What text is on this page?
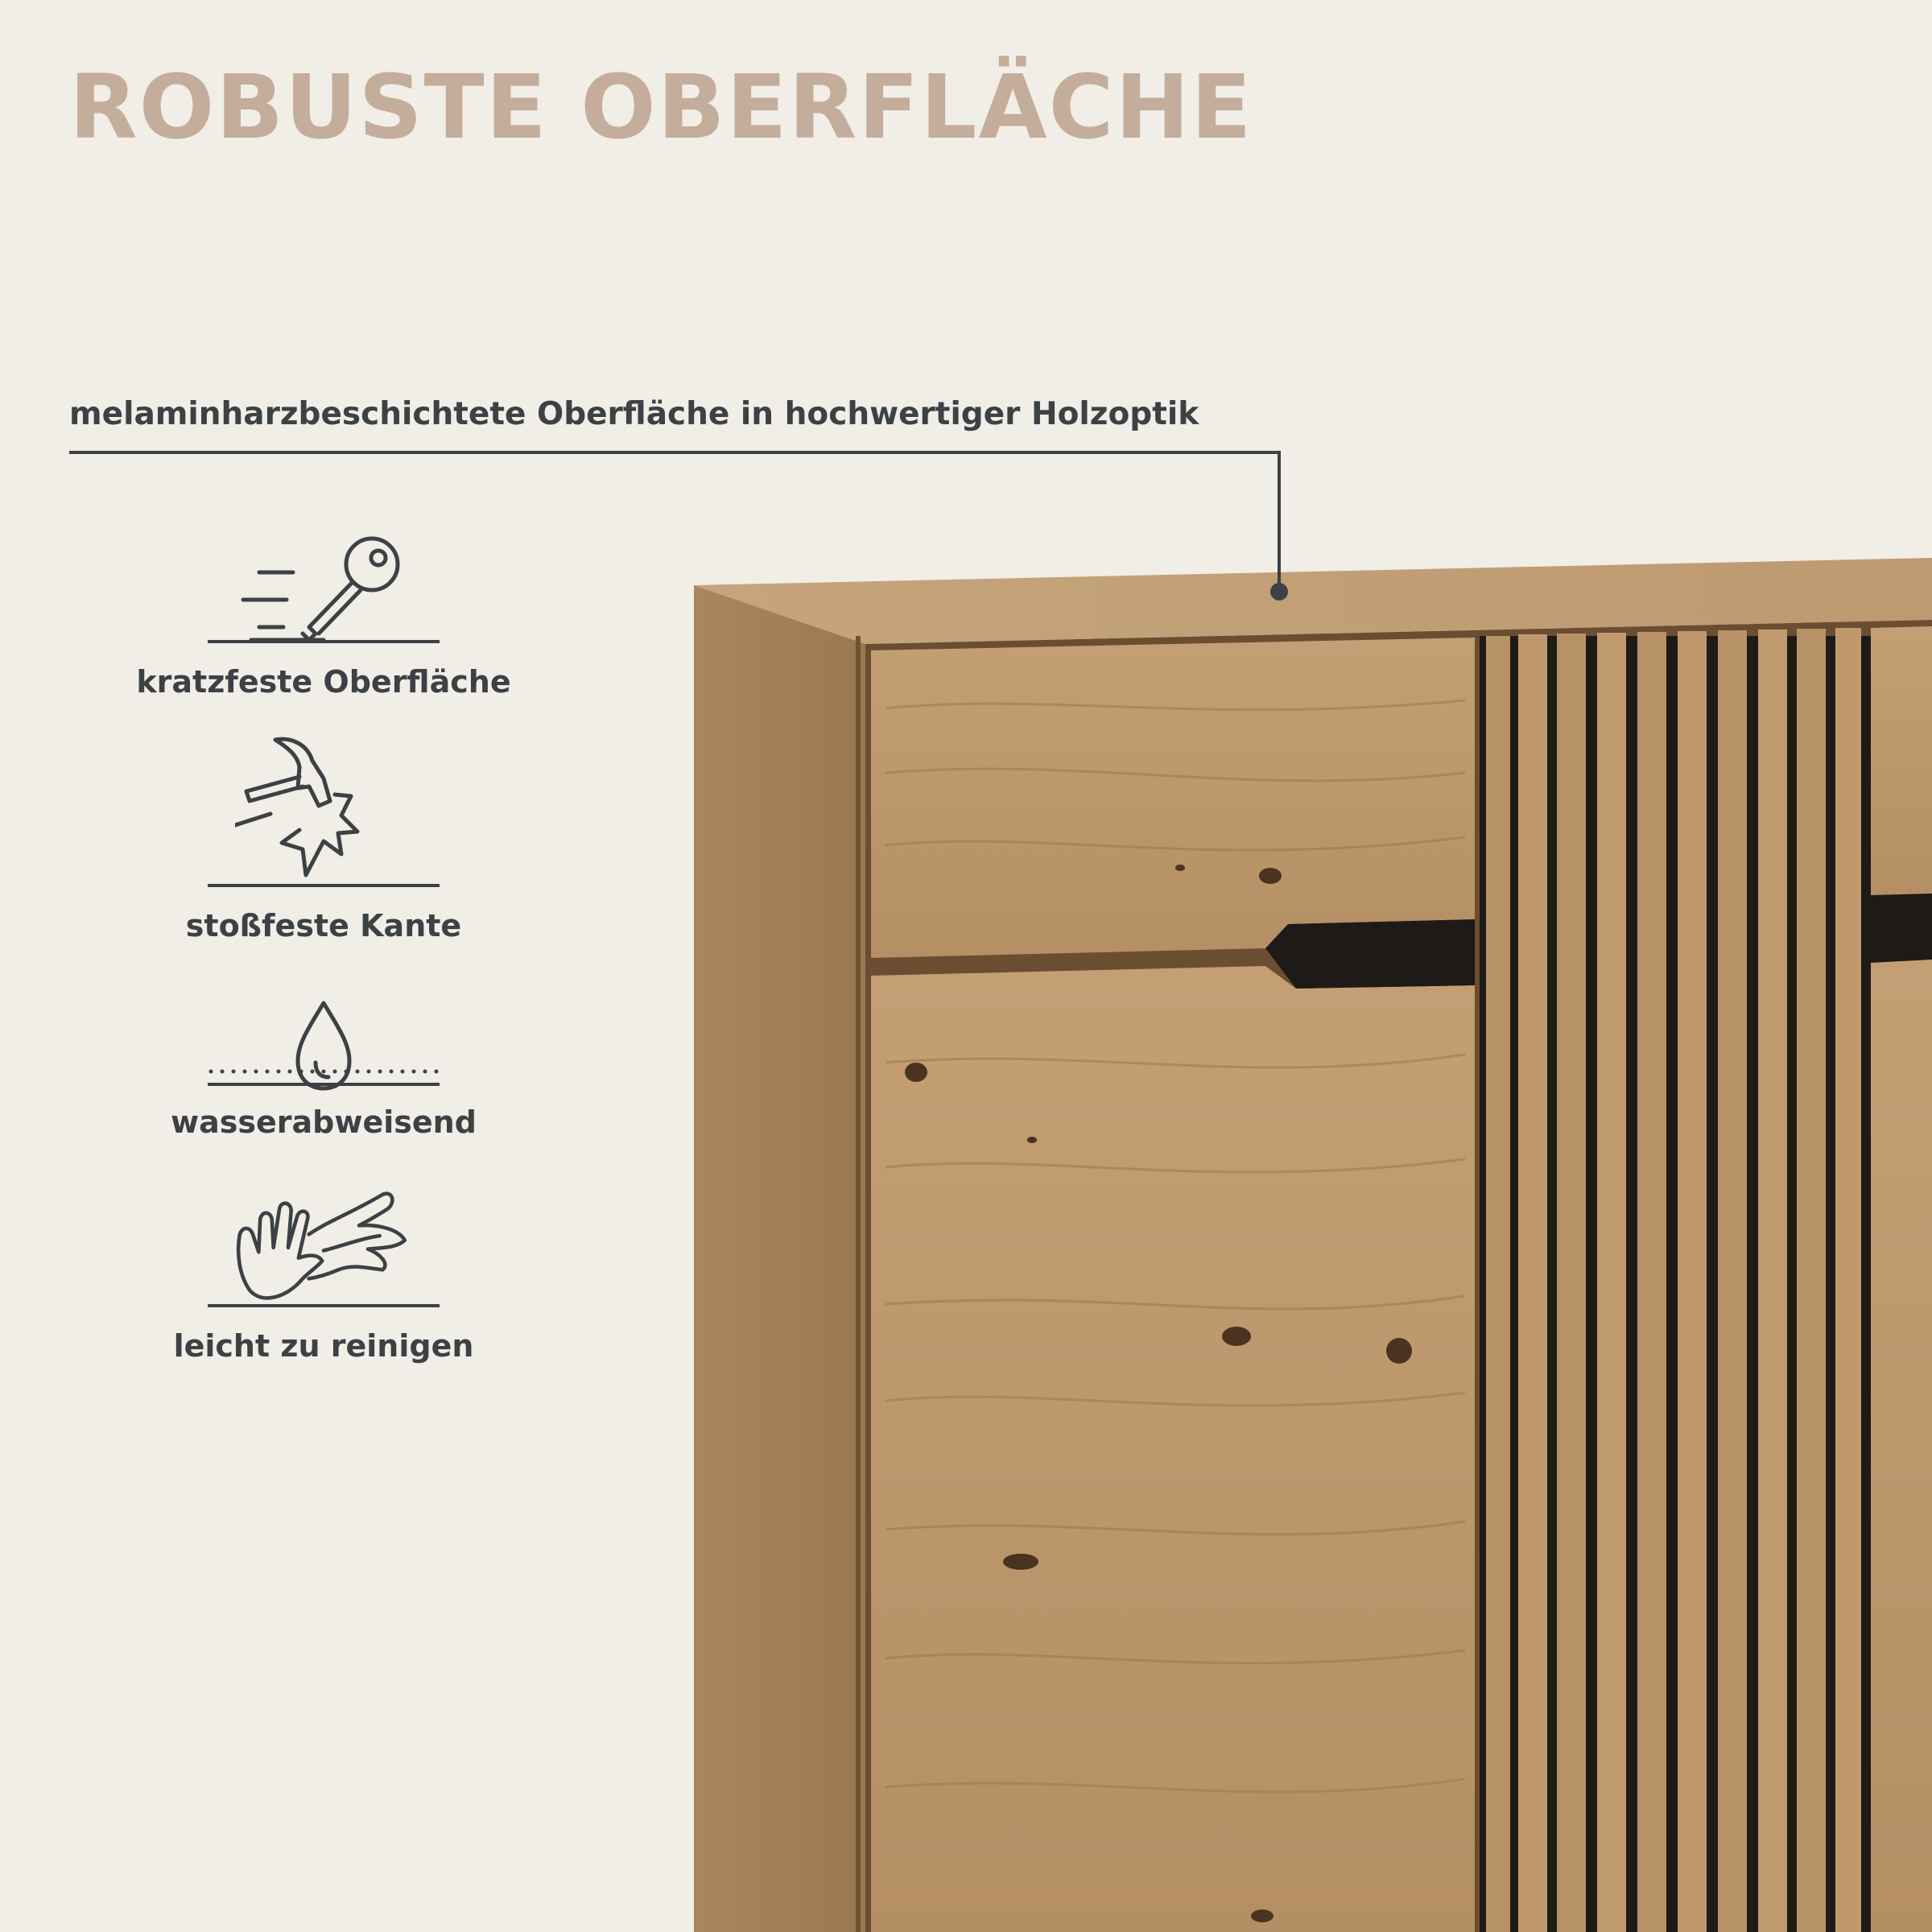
ROBUSTE OBERFLÄCHE
melaminharzbeschichtete Oberfläche in hochwertiger Holzoptik
kratzfeste Oberfläche
stoßfeste Kante
wasserabweisend
leicht zu reinigen
